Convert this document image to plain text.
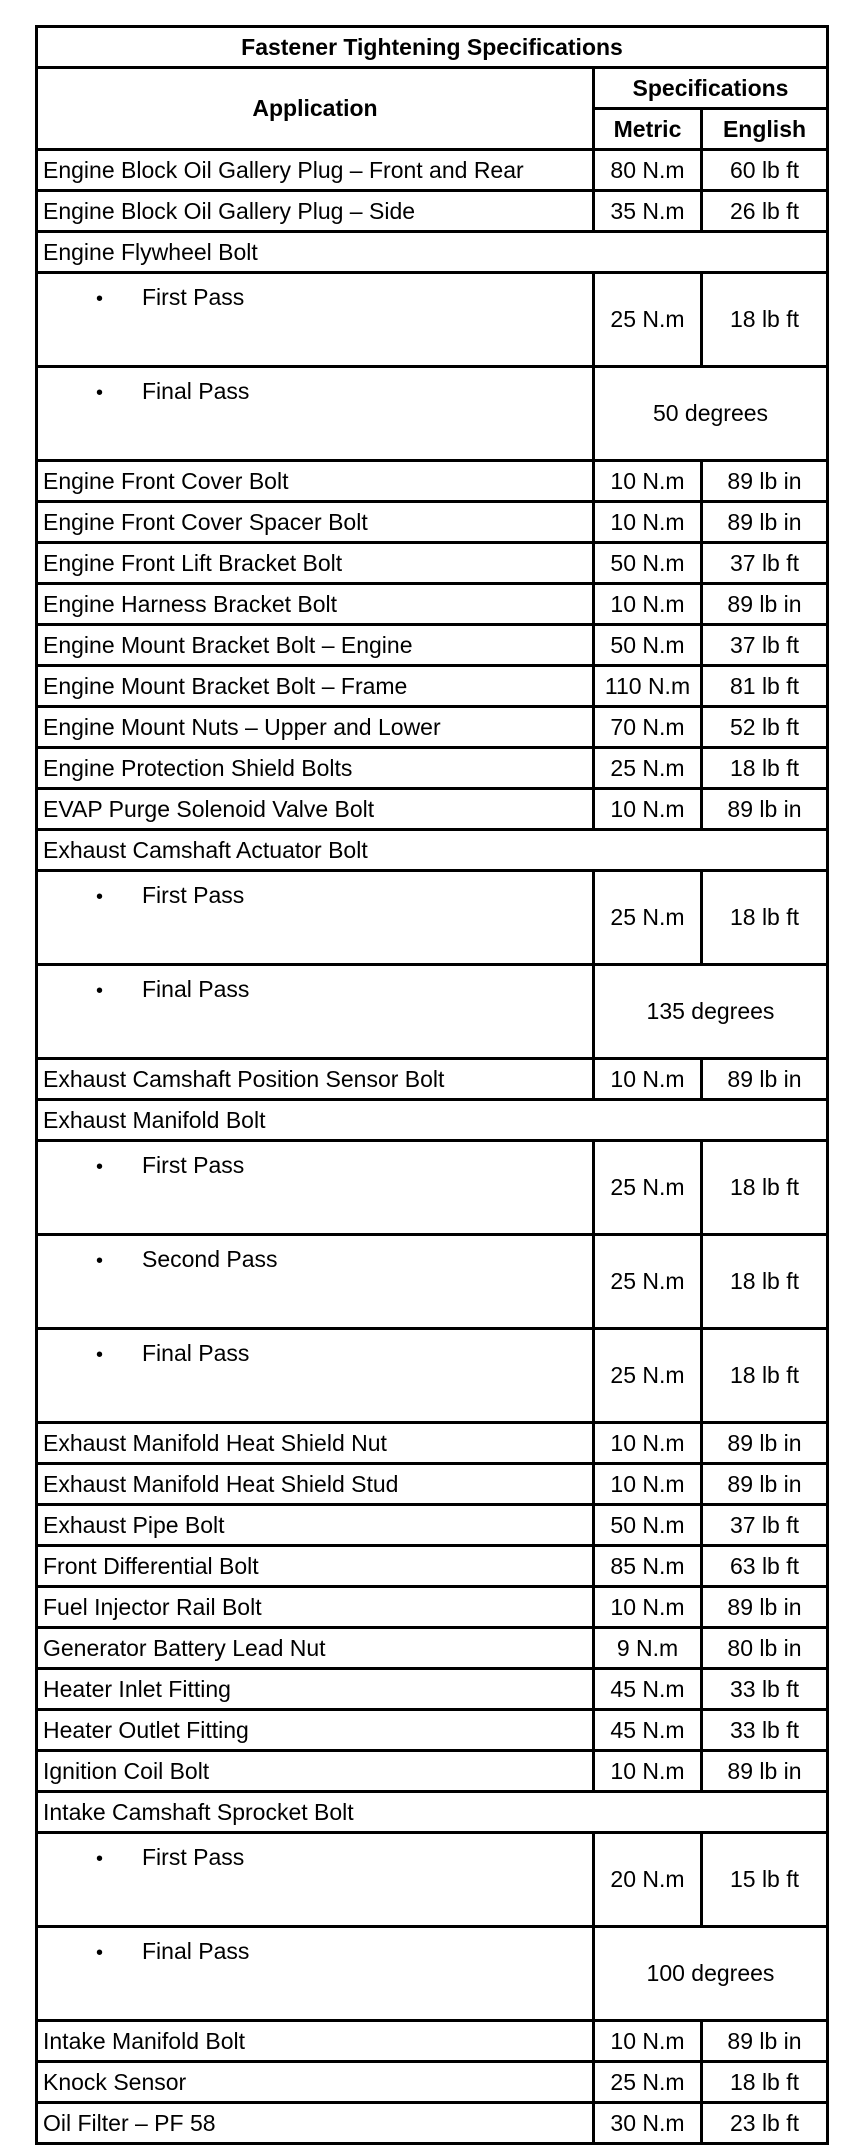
Fastener Tightening Specifications		
Application	Specifications	
	Metric	English
Engine Block Oil Gallery Plug – Front and Rear	80 N.m	60 lb ft
Engine Block Oil Gallery Plug – Side	35 N.m	26 lb ft
Engine Flywheel Bolt		
• First Pass	25 N.m	18 lb ft
• Final Pass	50 degrees	
Engine Front Cover Bolt	10 N.m	89 lb in
Engine Front Cover Spacer Bolt	10 N.m	89 lb in
Engine Front Lift Bracket Bolt	50 N.m	37 lb ft
Engine Harness Bracket Bolt	10 N.m	89 lb in
Engine Mount Bracket Bolt – Engine	50 N.m	37 lb ft
Engine Mount Bracket Bolt – Frame	110 N.m	81 lb ft
Engine Mount Nuts – Upper and Lower	70 N.m	52 lb ft
Engine Protection Shield Bolts	25 N.m	18 lb ft
EVAP Purge Solenoid Valve Bolt	10 N.m	89 lb in
Exhaust Camshaft Actuator Bolt		
• First Pass	25 N.m	18 lb ft
• Final Pass	135 degrees	
Exhaust Camshaft Position Sensor Bolt	10 N.m	89 lb in
Exhaust Manifold Bolt		
• First Pass	25 N.m	18 lb ft
• Second Pass	25 N.m	18 lb ft
• Final Pass	25 N.m	18 lb ft
Exhaust Manifold Heat Shield Nut	10 N.m	89 lb in
Exhaust Manifold Heat Shield Stud	10 N.m	89 lb in
Exhaust Pipe Bolt	50 N.m	37 lb ft
Front Differential Bolt	85 N.m	63 lb ft
Fuel Injector Rail Bolt	10 N.m	89 lb in
Generator Battery Lead Nut	9 N.m	80 lb in
Heater Inlet Fitting	45 N.m	33 lb ft
Heater Outlet Fitting	45 N.m	33 lb ft
Ignition Coil Bolt	10 N.m	89 lb in
Intake Camshaft Sprocket Bolt		
• First Pass	20 N.m	15 lb ft
• Final Pass	100 degrees	
Intake Manifold Bolt	10 N.m	89 lb in
Knock Sensor	25 N.m	18 lb ft
Oil Filter – PF 58	30 N.m	23 lb ft
